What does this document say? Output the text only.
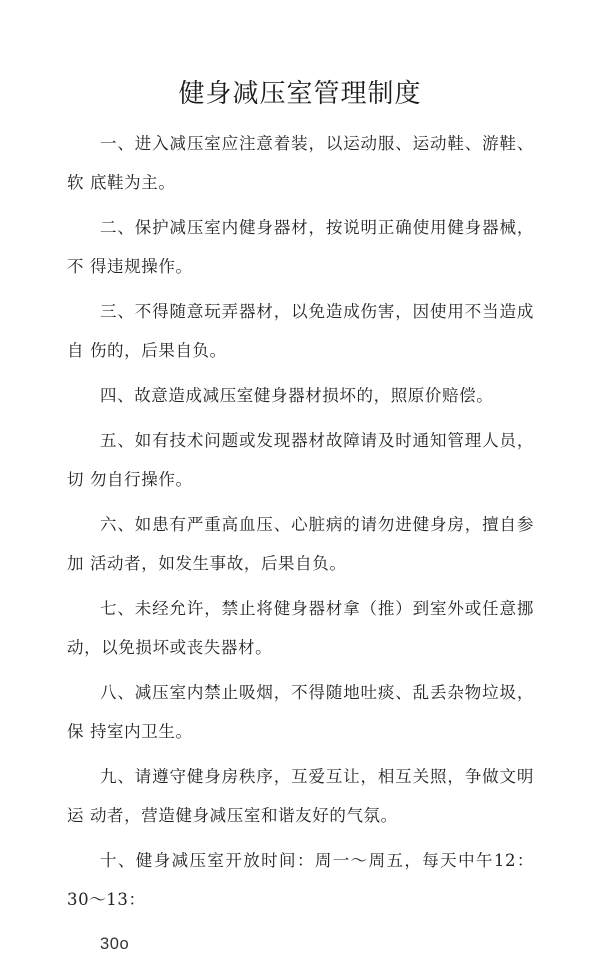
健身减压室管理制度

一、进入减压室应注意着装，以运动服、运动鞋、游鞋、软 底鞋为主。

二、保护减压室内健身器材，按说明正确使用健身器械，不 得违规操作。

三、不得随意玩弄器材，以免造成伤害，因使用不当造成自 伤的，后果自负。

四、故意造成减压室健身器材损坏的，照原价赔偿。

五、如有技术问题或发现器材故障请及时通知管理人员，切 勿自行操作。

六、如患有严重高血压、心脏病的请勿进健身房，擅自参加 活动者，如发生事故，后果自负。

七、未经允许，禁止将健身器材拿（推）到室外或任意挪动，以免损坏或丧失器材。

八、减压室内禁止吸烟，不得随地吐痰、乱丢杂物垃圾，保 持室内卫生。

九、请遵守健身房秩序，互爱互让，相互关照，争做文明运 动者，营造健身减压室和谐友好的气氛。

十、健身减压室开放时间：周一〜周五，每天中午12：30〜13：

30o
